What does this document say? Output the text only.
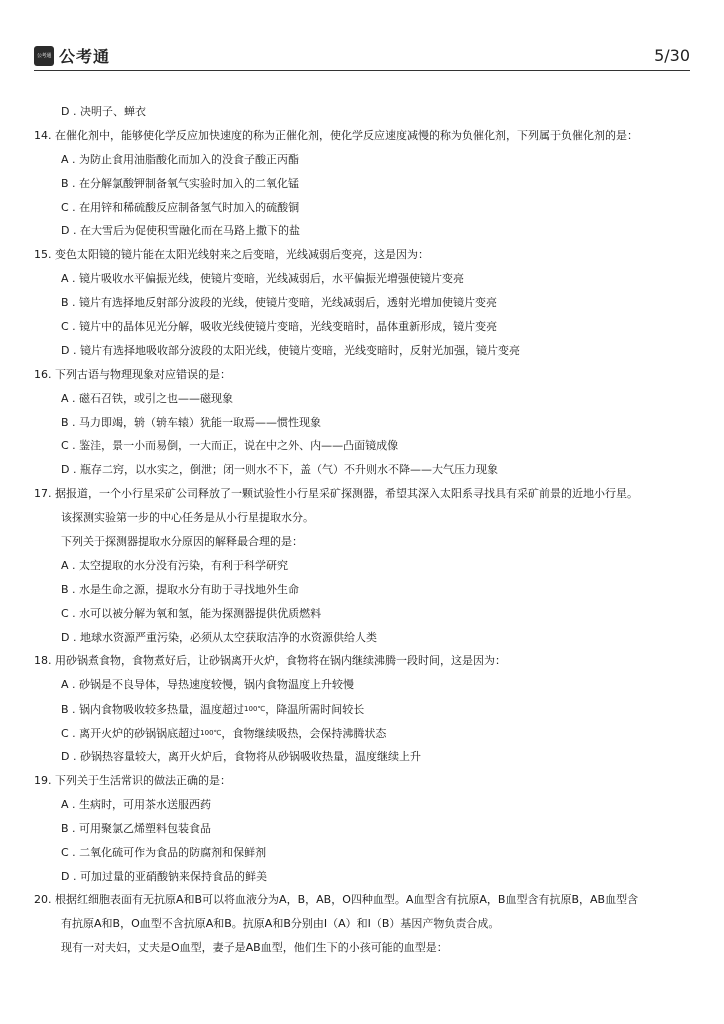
公考通 公考通	5/30
D . 决明子、蝉衣
14. 在催化剂中，能够使化学反应加快速度的称为正催化剂，使化学反应速度减慢的称为负催化剂，下列属于负催化剂的是：
A . 为防止食用油脂酸化而加入的没食子酸正丙酯
B . 在分解氯酸钾制备氧气实验时加入的二氧化锰
C . 在用锌和稀硫酸反应制备氢气时加入的硫酸铜
D . 在大雪后为促使积雪融化而在马路上撒下的盐
15. 变色太阳镜的镜片能在太阳光线射来之后变暗，光线减弱后变亮，这是因为：
A . 镜片吸收水平偏振光线，使镜片变暗，光线减弱后，水平偏振光增强使镜片变亮
B . 镜片有选择地反射部分波段的光线，使镜片变暗，光线减弱后，透射光增加使镜片变亮
C . 镜片中的晶体见光分解，吸收光线使镜片变暗，光线变暗时，晶体重新形成，镜片变亮
D . 镜片有选择地吸收部分波段的太阳光线，使镜片变暗，光线变暗时，反射光加强，镜片变亮
16. 下列古语与物理现象对应错误的是：
A . 磁石召铁，或引之也——磁现象
B . 马力即竭，辀（辀车辕）犹能一取焉——惯性现象
C . 鉴洼，景一小而易倒，一大而正，说在中之外、内——凸面镜成像
D . 瓶存二窍，以水实之，倒泄；闭一则水不下，盖（气）不升则水不降——大气压力现象
17. 据报道，一个小行星采矿公司释放了一颗试验性小行星采矿探测器，希望其深入太阳系寻找具有采矿前景的近地小行星。
该探测实验第一步的中心任务是从小行星提取水分。
下列关于探测器提取水分原因的解释最合理的是：
A . 太空提取的水分没有污染，有利于科学研究
B . 水是生命之源，提取水分有助于寻找地外生命
C . 水可以被分解为氧和氢，能为探测器提供优质燃料
D . 地球水资源严重污染，必须从太空获取洁净的水资源供给人类
18. 用砂锅煮食物，食物煮好后，让砂锅离开火炉，食物将在锅内继续沸腾一段时间，这是因为：
A . 砂锅是不良导体，导热速度较慢，锅内食物温度上升较慢
B . 锅内食物吸收较多热量，温度超过$^{100℃}$，降温所需时间较长
C . 离开火炉的砂锅锅底超过$^{100℃}$，食物继续吸热，会保持沸腾状态
D . 砂锅热容量较大，离开火炉后，食物将从砂锅吸收热量，温度继续上升
19. 下列关于生活常识的做法正确的是：
A . 生病时，可用茶水送服西药
B . 可用聚氯乙烯塑料包装食品
C . 二氧化硫可作为食品的防腐剂和保鲜剂
D . 可加过量的亚硝酸钠来保持食品的鲜美
20. 根据红细胞表面有无抗原A和B可以将血液分为A，B，AB，O四种血型。A血型含有抗原A，B血型含有抗原B，AB血型含
有抗原A和B，O血型不含抗原A和B。抗原A和B分别由I（A）和I（B）基因产物负责合成。
现有一对夫妇，丈夫是O血型，妻子是AB血型，他们生下的小孩可能的血型是：
